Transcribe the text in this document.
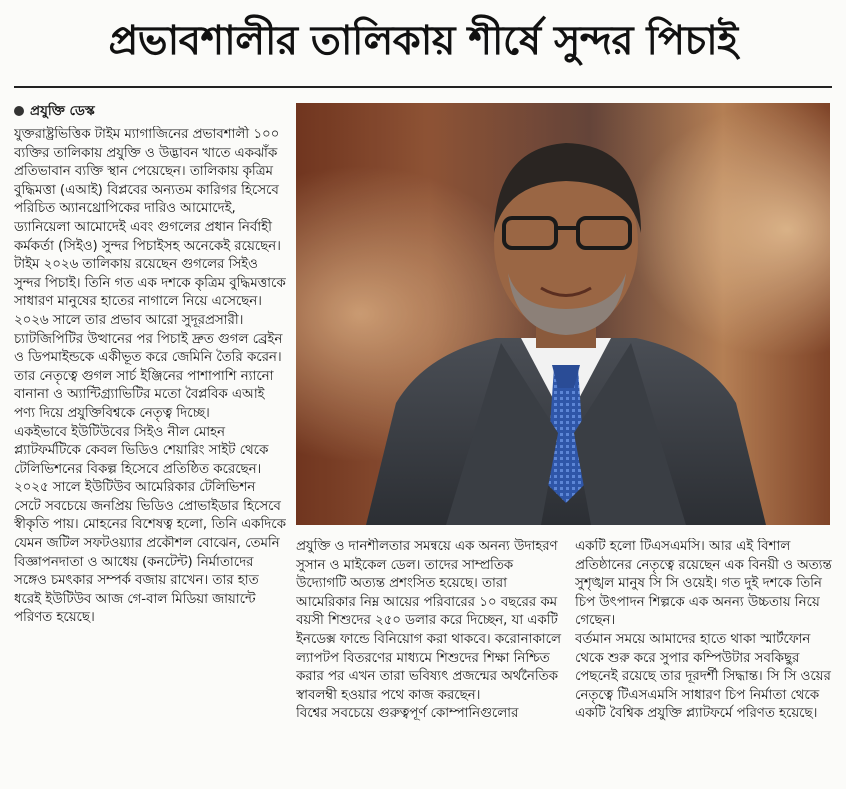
প্রভাবশালীর তালিকায় শীর্ষে সুন্দর পিচাই
প্রযুক্তি ডেস্ক
যুক্তরাষ্ট্রভিত্তিক টাইম ম্যাগাজিনের প্রভাবশালী ১০০ ব্যক্তির তালিকায় প্রযুক্তি ও উদ্ভাবন খাতে একঝাঁক প্রতিভাবান ব্যক্তি স্থান পেয়েছেন। তালিকায় কৃত্রিম বুদ্ধিমত্তা (এআই) বিপ্লবের অন্যতম কারিগর হিসেবে পরিচিত অ্যানথ্রোপিকের দারিও আমোদেই, ড্যানিয়েলা আমোদেই এবং গুগলের প্রধান নির্বাহী কর্মকর্তা (সিইও) সুন্দর পিচাইসহ অনেকেই রয়েছেন।
টাইম ২০২৬ তালিকায় রয়েছেন গুগলের সিইও সুন্দর পিচাই। তিনি গত এক দশকে কৃত্রিম বুদ্ধিমত্তাকে সাধারণ মানুষের হাতের নাগালে নিয়ে এসেছেন। ২০২৬ সালে তার প্রভাব আরো সুদূরপ্রসারী। চ্যাটজিপিটির উত্থানের পর পিচাই দ্রুত গুগল ব্রেইন ও ডিপমাইন্ডকে একীভূত করে জেমিনি তৈরি করেন। তার নেতৃত্বে গুগল সার্চ ইঞ্জিনের পাশাপাশি ন্যানো বানানা ও অ্যান্টিগ্র্যাভিটির মতো বৈপ্লবিক এআই পণ্য দিয়ে প্রযুক্তিবিশ্বকে নেতৃত্ব দিচ্ছে।
একইভাবে ইউটিউবের সিইও নীল মোহন প্ল্যাটফর্মটিকে কেবল ভিডিও শেয়ারিং সাইট থেকে টেলিভিশনের বিকল্প হিসেবে প্রতিষ্ঠিত করেছেন। ২০২৫ সালে ইউটিউব আমেরিকার টেলিভিশন সেটে সবচেয়ে জনপ্রিয় ভিডিও প্রোভাইডার হিসেবে স্বীকৃতি পায়। মোহনের বিশেষত্ব হলো, তিনি একদিকে যেমন জটিল সফটওয়্যার প্রকৌশল বোঝেন, তেমনি বিজ্ঞাপনদাতা ও আধেয় (কনটেন্ট) নির্মাতাদের সঙ্গেও চমৎকার সম্পর্ক বজায় রাখেন। তার হাত ধরেই ইউটিউব আজ গে-বাল মিডিয়া জায়ান্টে পরিণত হয়েছে।
প্রযুক্তি ও দানশীলতার সমন্বয়ে এক অনন্য উদাহরণ সুসান ও মাইকেল ডেল। তাদের সাম্প্রতিক উদ্যোগটি অত্যন্ত প্রশংসিত হয়েছে। তারা আমেরিকার নিম্ন আয়ের পরিবারের ১০ বছরের কম বয়সী শিশুদের ২৫০ ডলার করে দিচ্ছেন, যা একটি ইনডেক্স ফান্ডে বিনিয়োগ করা থাকবে। করোনাকালে ল্যাপটপ বিতরণের মাধ্যমে শিশুদের শিক্ষা নিশ্চিত করার পর এখন তারা ভবিষ্যৎ প্রজন্মের অর্থনৈতিক স্বাবলম্বী হওয়ার পথে কাজ করছেন।
বিশ্বের সবচেয়ে গুরুত্বপূর্ণ কোম্পানিগুলোর
একটি হলো টিএসএমসি। আর এই বিশাল প্রতিষ্ঠানের নেতৃত্বে রয়েছেন এক বিনয়ী ও অত্যন্ত সুশৃঙ্খল মানুষ সি সি ওয়েই। গত দুই দশকে তিনি চিপ উৎপাদন শিল্পকে এক অনন্য উচ্চতায় নিয়ে গেছেন।
বর্তমান সময়ে আমাদের হাতে থাকা স্মার্টফোন থেকে শুরু করে সুপার কম্পিউটার সবকিছুর পেছনেই রয়েছে তার দূরদর্শী সিদ্ধান্ত। সি সি ওয়ের নেতৃত্বে টিএসএমসি সাধারণ চিপ নির্মাতা থেকে একটি বৈশ্বিক প্রযুক্তি প্ল্যাটফর্মে পরিণত হয়েছে।
